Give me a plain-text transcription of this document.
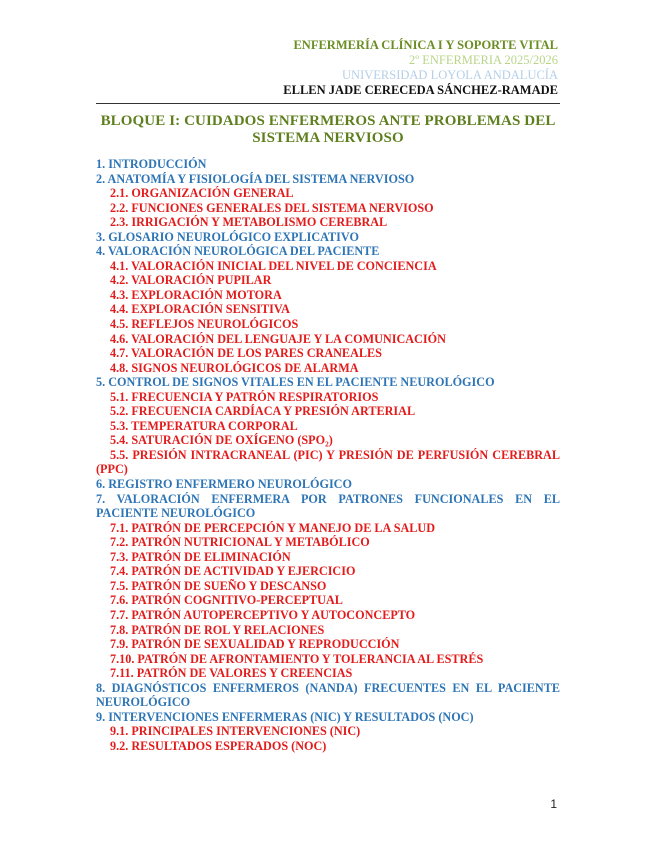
ENFERMERÍA CLÍNICA I Y SOPORTE VITAL
2º ENFERMERIA 2025/2026
UNIVERSIDAD LOYOLA ANDALUCÍA
ELLEN JADE CERECEDA SÁNCHEZ-RAMADE
BLOQUE I: CUIDADOS ENFERMEROS ANTE PROBLEMAS DEL SISTEMA NERVIOSO
1. INTRODUCCIÓN
2. ANATOMÍA Y FISIOLOGÍA DEL SISTEMA NERVIOSO
2.1. ORGANIZACIÓN GENERAL
2.2. FUNCIONES GENERALES DEL SISTEMA NERVIOSO
2.3. IRRIGACIÓN Y METABOLISMO CEREBRAL
3. GLOSARIO NEUROLÓGICO EXPLICATIVO
4. VALORACIÓN NEUROLÓGICA DEL PACIENTE
4.1. VALORACIÓN INICIAL DEL NIVEL DE CONCIENCIA
4.2. VALORACIÓN PUPILAR
4.3. EXPLORACIÓN MOTORA
4.4. EXPLORACIÓN SENSITIVA
4.5. REFLEJOS NEUROLÓGICOS
4.6. VALORACIÓN DEL LENGUAJE Y LA COMUNICACIÓN
4.7. VALORACIÓN DE LOS PARES CRANEALES
4.8. SIGNOS NEUROLÓGICOS DE ALARMA
5. CONTROL DE SIGNOS VITALES EN EL PACIENTE NEUROLÓGICO
5.1. FRECUENCIA Y PATRÓN RESPIRATORIOS
5.2. FRECUENCIA CARDÍACA Y PRESIÓN ARTERIAL
5.3. TEMPERATURA CORPORAL
5.4. SATURACIÓN DE OXÍGENO (SPO₂)
5.5. PRESIÓN INTRACRANEAL (PIC) Y PRESIÓN DE PERFUSIÓN CEREBRAL (PPC)
6. REGISTRO ENFERMERO NEUROLÓGICO
7. VALORACIÓN ENFERMERA POR PATRONES FUNCIONALES EN EL PACIENTE NEUROLÓGICO
7.1. PATRÓN DE PERCEPCIÓN Y MANEJO DE LA SALUD
7.2. PATRÓN NUTRICIONAL Y METABÓLICO
7.3. PATRÓN DE ELIMINACIÓN
7.4. PATRÓN DE ACTIVIDAD Y EJERCICIO
7.5. PATRÓN DE SUEÑO Y DESCANSO
7.6. PATRÓN COGNITIVO-PERCEPTUAL
7.7. PATRÓN AUTOPERCEPTIVO Y AUTOCONCEPTO
7.8. PATRÓN DE ROL Y RELACIONES
7.9. PATRÓN DE SEXUALIDAD Y REPRODUCCIÓN
7.10. PATRÓN DE AFRONTAMIENTO Y TOLERANCIA AL ESTRÉS
7.11. PATRÓN DE VALORES Y CREENCIAS
8. DIAGNÓSTICOS ENFERMEROS (NANDA) FRECUENTES EN EL PACIENTE NEUROLÓGICO
9. INTERVENCIONES ENFERMERAS (NIC) Y RESULTADOS (NOC)
9.1. PRINCIPALES INTERVENCIONES (NIC)
9.2. RESULTADOS ESPERADOS (NOC)
1
